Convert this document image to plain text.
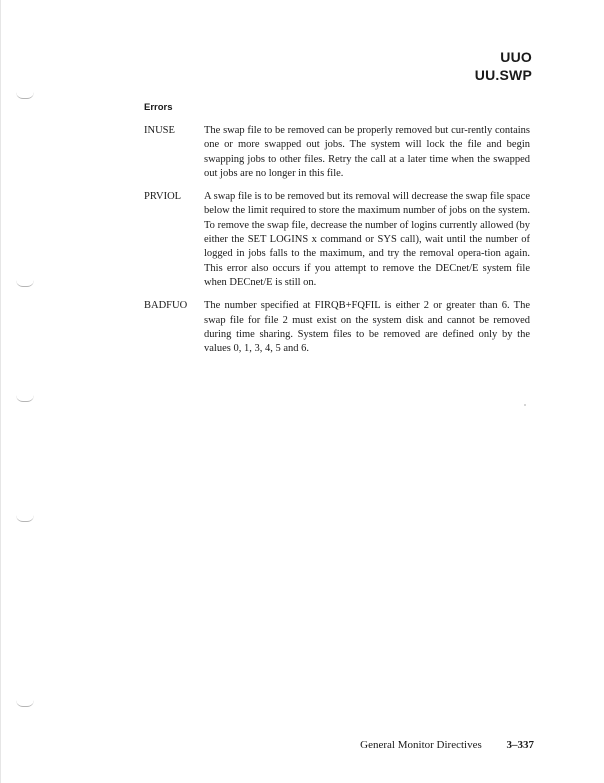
UUO
UU.SWP
Errors
INUSE	The swap file to be removed can be properly removed but cur-rently contains one or more swapped out jobs. The system will lock the file and begin swapping jobs to other files. Retry the call at a later time when the swapped out jobs are no longer in this file.
PRVIOL	A swap file is to be removed but its removal will decrease the swap file space below the limit required to store the maximum number of jobs on the system. To remove the swap file, decrease the number of logins currently allowed (by either the SET LOGINS x command or SYS call), wait until the number of logged in jobs falls to the maximum, and try the removal opera-tion again. This error also occurs if you attempt to remove the DECnet/E system file when DECnet/E is still on.
BADFUO	The number specified at FIRQB+FQFIL is either 2 or greater than 6. The swap file for file 2 must exist on the system disk and cannot be removed during time sharing. System files to be removed are defined only by the values 0, 1, 3, 4, 5 and 6.
General Monitor Directives 3–337
